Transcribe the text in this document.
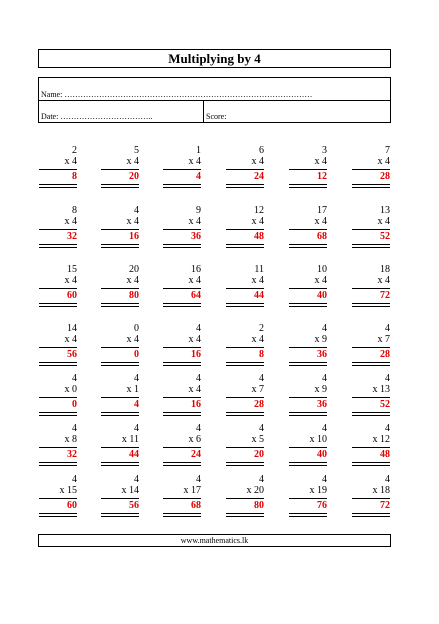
Multiplying by 4
Name: …………………………………………………………………………………
Date: ……………………………..	Score:
2
x 4
8
5
x 4
20
1
x 4
4
6
x 4
24
3
x 4
12
7
x 4
28
8
x 4
32
4
x 4
16
9
x 4
36
12
x 4
48
17
x 4
68
13
x 4
52
15
x 4
60
20
x 4
80
16
x 4
64
11
x 4
44
10
x 4
40
18
x 4
72
14
x 4
56
0
x 4
0
4
x 4
16
2
x 4
8
4
x 9
36
4
x 7
28
4
x 0
0
4
x 1
4
4
x 4
16
4
x 7
28
4
x 9
36
4
x 13
52
4
x 8
32
4
x 11
44
4
x 6
24
4
x 5
20
4
x 10
40
4
x 12
48
4
x 15
60
4
x 14
56
4
x 17
68
4
x 20
80
4
x 19
76
4
x 18
72
www.mathematics.lk
